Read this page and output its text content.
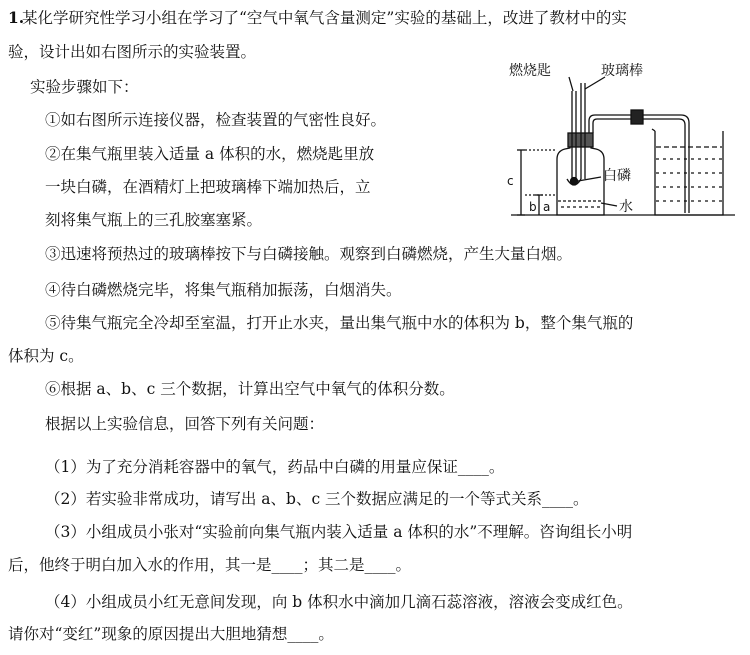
1.
某化学研究性学习小组在学习了“空气中氧气含量测定”实验的基础上，改进了教材中的实
验，设计出如右图所示的实验装置。
实验步骤如下：
①如右图所示连接仪器，检查装置的气密性良好。
②在集气瓶里装入适量 a 体积的水，燃烧匙里放
一块白磷，在酒精灯上把玻璃棒下端加热后，立
刻将集气瓶上的三孔胶塞塞紧。
③迅速将预热过的玻璃棒按下与白磷接触。观察到白磷燃烧，产生大量白烟。
④待白磷燃烧完毕，将集气瓶稍加振荡，白烟消失。
⑤待集气瓶完全冷却至室温，打开止水夹，量出集气瓶中水的体积为 b，整个集气瓶的
体积为 c。
⑥根据 a、b、c 三个数据，计算出空气中氧气的体积分数。
根据以上实验信息，回答下列有关问题：
（1）为了充分消耗容器中的氧气，药品中白磷的用量应保证____。
（2）若实验非常成功，请写出 a、b、c 三个数据应满足的一个等式关系____。
（3）小组成员小张对“实验前向集气瓶内装入适量 a 体积的水”不理解。咨询组长小明
后，他终于明白加入水的作用，其一是____；其二是____。
（4）小组成员小红无意间发现，向 b 体积水中滴加几滴石蕊溶液，溶液会变成红色。
请你对“变红”现象的原因提出大胆地猜想____。
燃烧匙	玻璃棒
白磷
水
c
b a
